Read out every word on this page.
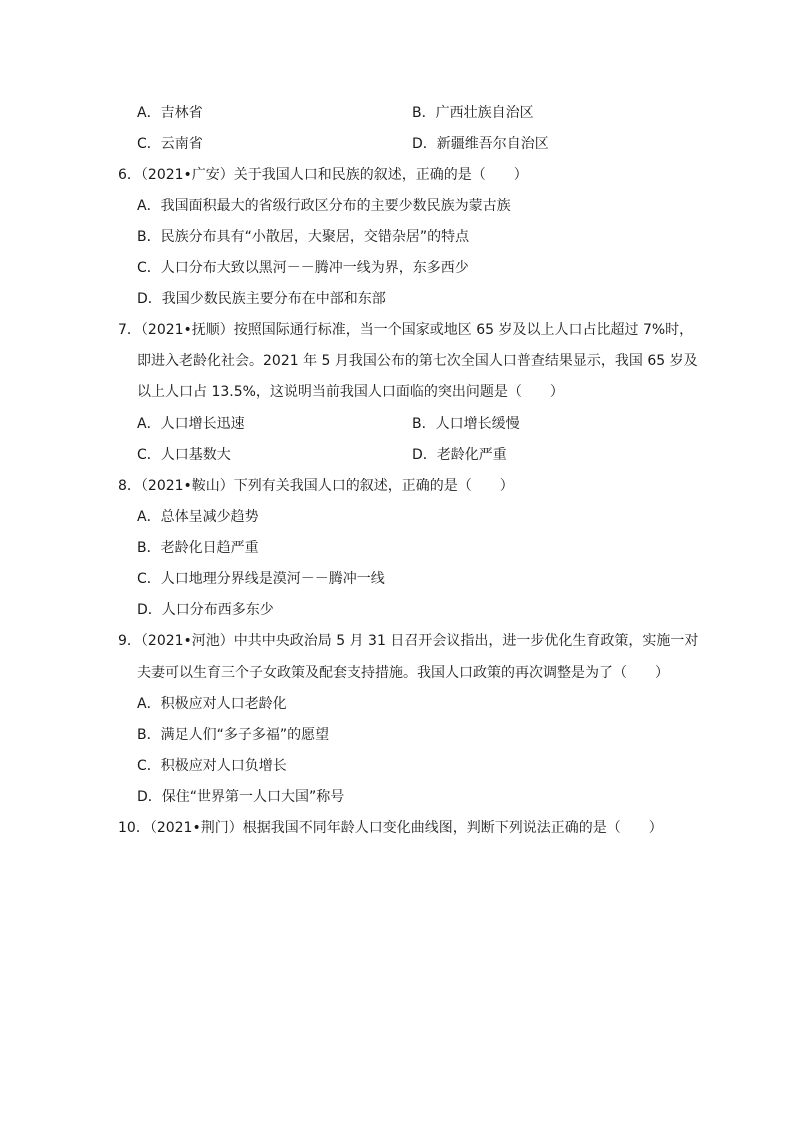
A．吉林省	B．广西壮族自治区
C．云南省	D．新疆维吾尔自治区
6．（2021•广安）关于我国人口和民族的叙述，正确的是（　　）
A．我国面积最大的省级行政区分布的主要少数民族为蒙古族
B．民族分布具有“小散居，大聚居，交错杂居”的特点
C．人口分布大致以黑河－－腾冲一线为界，东多西少
D．我国少数民族主要分布在中部和东部
7．（2021•抚顺）按照国际通行标准，当一个国家或地区 65 岁及以上人口占比超过 7%时，
即进入老龄化社会。2021 年 5 月我国公布的第七次全国人口普查结果显示，我国 65 岁及
以上人口占 13.5%，这说明当前我国人口面临的突出问题是（　　）
A．人口增长迅速	B．人口增长缓慢
C．人口基数大	D．老龄化严重
8．（2021•鞍山）下列有关我国人口的叙述，正确的是（　　）
A．总体呈减少趋势
B．老龄化日趋严重
C．人口地理分界线是漠河－－腾冲一线
D．人口分布西多东少
9．（2021•河池）中共中央政治局 5 月 31 日召开会议指出，进一步优化生育政策，实施一对
夫妻可以生育三个子女政策及配套支持措施。我国人口政策的再次调整是为了（　　）
A．积极应对人口老龄化
B．满足人们“多子多福”的愿望
C．积极应对人口负增长
D．保住“世界第一人口大国”称号
10．（2021•荆门）根据我国不同年龄人口变化曲线图，判断下列说法正确的是（　　）
